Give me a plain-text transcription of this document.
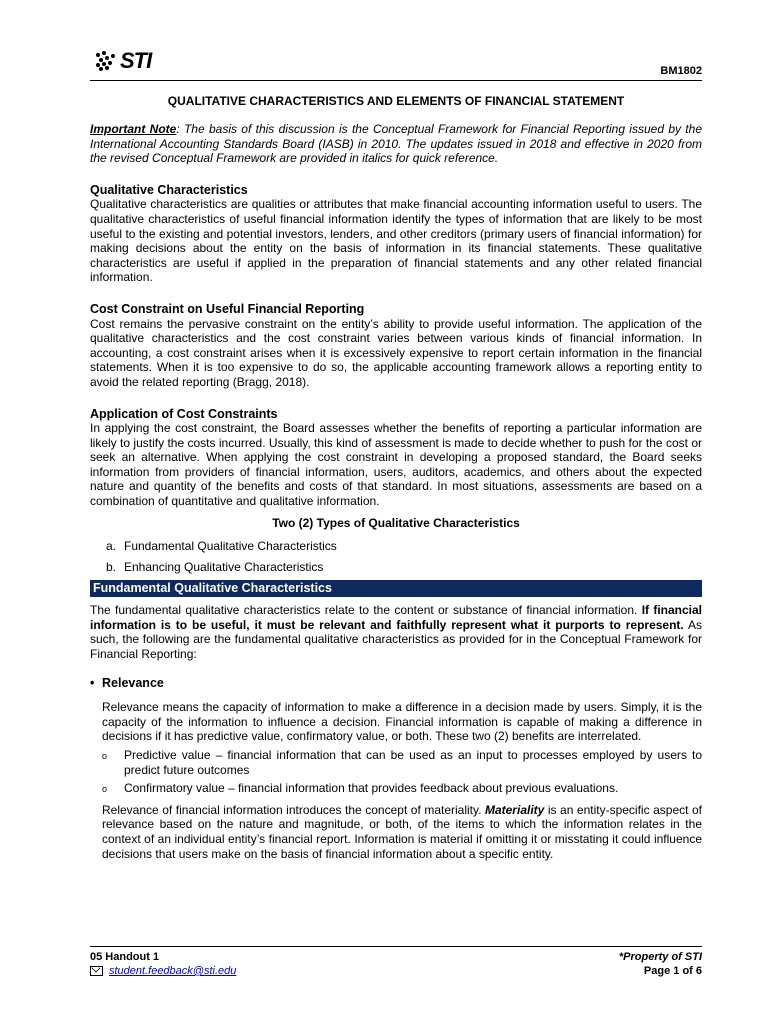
STI	BM1802
QUALITATIVE CHARACTERISTICS AND ELEMENTS OF FINANCIAL STATEMENT

Important Note: The basis of this discussion is the Conceptual Framework for Financial Reporting issued by the International Accounting Standards Board (IASB) in 2010. The updates issued in 2018 and effective in 2020 from the revised Conceptual Framework are provided in italics for quick reference.

Qualitative Characteristics

Qualitative characteristics are qualities or attributes that make financial accounting information useful to users. The qualitative characteristics of useful financial information identify the types of information that are likely to be most useful to the existing and potential investors, lenders, and other creditors (primary users of financial information) for making decisions about the entity on the basis of information in its financial statements. These qualitative characteristics are useful if applied in the preparation of financial statements and any other related financial information.

Cost Constraint on Useful Financial Reporting

Cost remains the pervasive constraint on the entity’s ability to provide useful information. The application of the qualitative characteristics and the cost constraint varies between various kinds of financial information. In accounting, a cost constraint arises when it is excessively expensive to report certain information in the financial statements. When it is too expensive to do so, the applicable accounting framework allows a reporting entity to avoid the related reporting (Bragg, 2018).

Application of Cost Constraints

In applying the cost constraint, the Board assesses whether the benefits of reporting a particular information are likely to justify the costs incurred. Usually, this kind of assessment is made to decide whether to push for the cost or seek an alternative. When applying the cost constraint in developing a proposed standard, the Board seeks information from providers of financial information, users, auditors, academics, and others about the expected nature and quantity of the benefits and costs of that standard. In most situations, assessments are based on a combination of quantitative and qualitative information.

Two (2) Types of Qualitative Characteristics
a. Fundamental Qualitative Characteristics
b. Enhancing Qualitative Characteristics
Fundamental Qualitative Characteristics

The fundamental qualitative characteristics relate to the content or substance of financial information. If financial information is to be useful, it must be relevant and faithfully represent what it purports to represent. As such, the following are the fundamental qualitative characteristics as provided for in the Conceptual Framework for Financial Reporting:

• Relevance

Relevance means the capacity of information to make a difference in a decision made by users. Simply, it is the capacity of the information to influence a decision. Financial information is capable of making a difference in decisions if it has predictive value, confirmatory value, or both. These two (2) benefits are interrelated.

o	Predictive value – financial information that can be used as an input to processes employed by users to predict future outcomes

o	Confirmatory value – financial information that provides feedback about previous evaluations.

Relevance of financial information introduces the concept of materiality. Materiality is an entity-specific aspect of relevance based on the nature and magnitude, or both, of the items to which the information relates in the context of an individual entity’s financial report. Information is material if omitting it or misstating it could influence decisions that users make on the basis of financial information about a specific entity.

05 Handout 1
student.feedback@sti.edu
*Property of STI
Page 1 of 6
